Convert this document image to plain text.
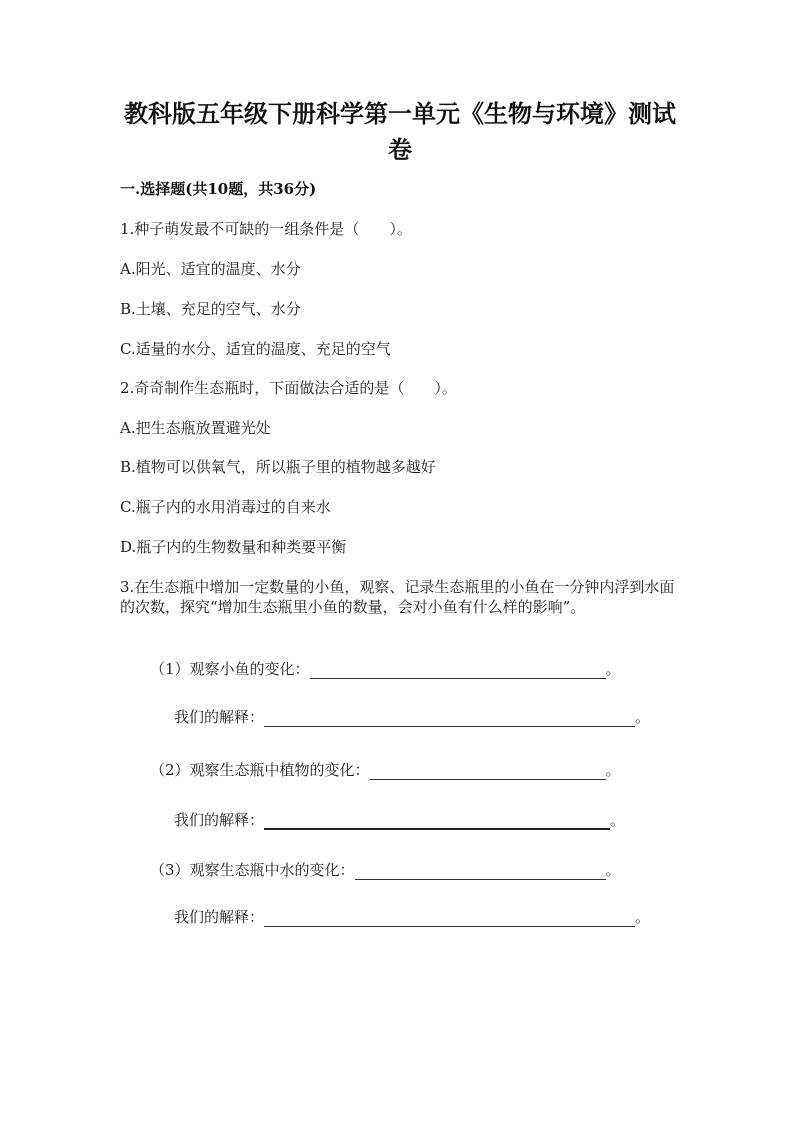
教科版五年级下册科学第一单元《生物与环境》测试卷
一.选择题(共10题，共36分)
1.种子萌发最不可缺的一组条件是（　　）。
A.阳光、适宜的温度、水分
B.土壤、充足的空气、水分
C.适量的水分、适宜的温度、充足的空气
2.奇奇制作生态瓶时，下面做法合适的是（　　）。
A.把生态瓶放置避光处
B.植物可以供氧气，所以瓶子里的植物越多越好
C.瓶子内的水用消毒过的自来水
D.瓶子内的生物数量和种类要平衡
3.在生态瓶中增加一定数量的小鱼，观察、记录生态瓶里的小鱼在一分钟内浮到水面的次数，探究“增加生态瓶里小鱼的数量，会对小鱼有什么样的影响”。
（1）观察小鱼的变化：	。
我们的解释：	。
（2）观察生态瓶中植物的变化：	。
我们的解释：	。
（3）观察生态瓶中水的变化：	。
我们的解释：	。
